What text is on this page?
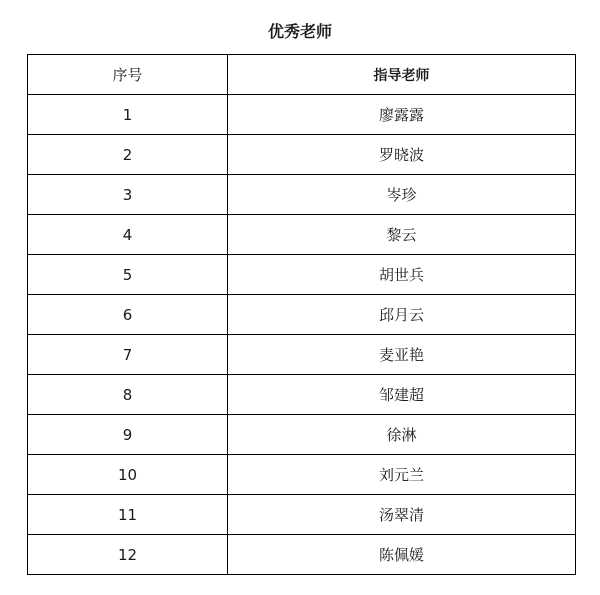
优秀老师
序号	指导老师
1	廖露露
2	罗晓波
3	岑珍
4	黎云
5	胡世兵
6	邱月云
7	麦亚艳
8	邹建超
9	徐淋
10	刘元兰
11	汤翠清
12	陈佩媛
